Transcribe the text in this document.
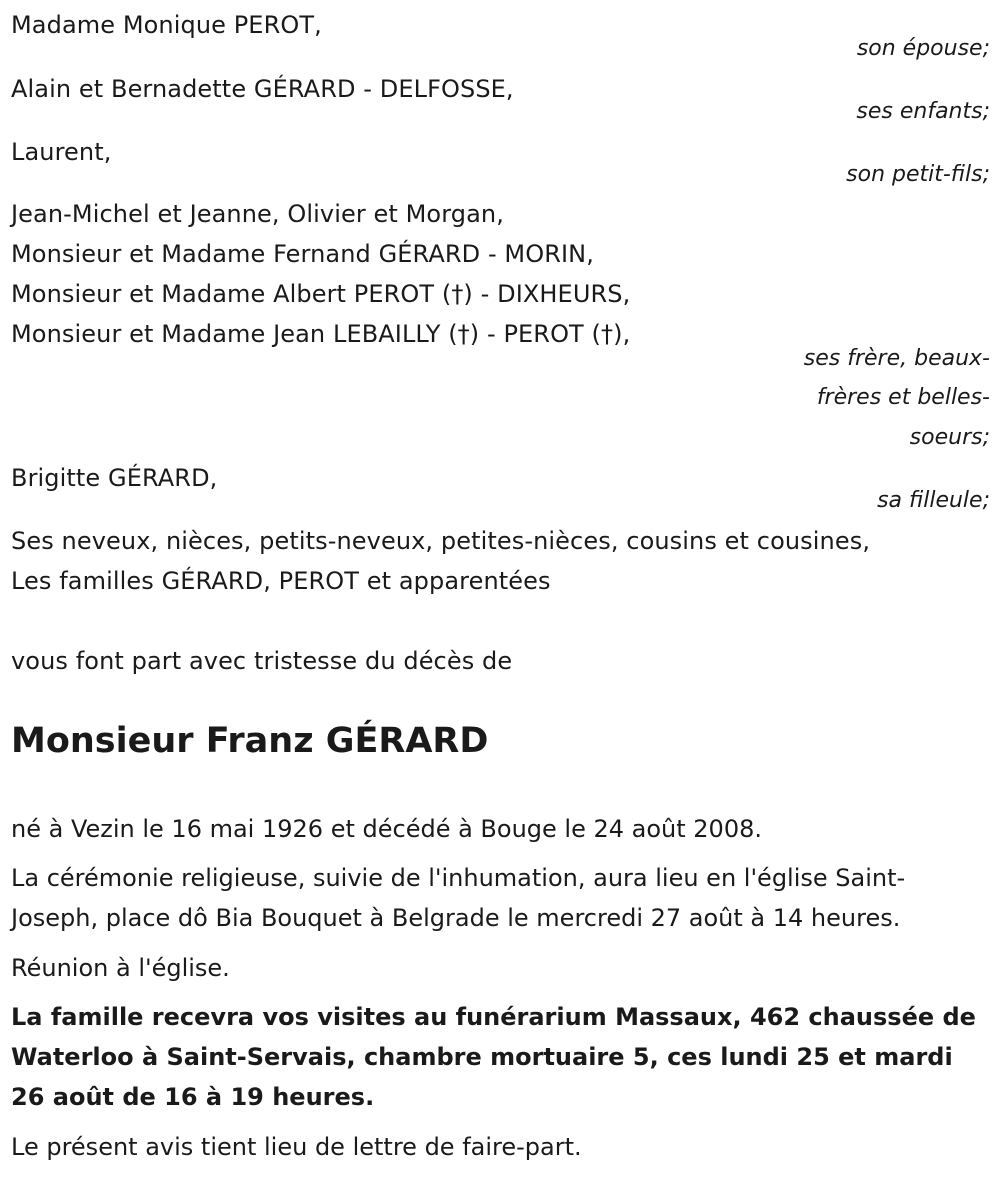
Madame Monique PEROT,
son épouse;
Alain et Bernadette GÉRARD - DELFOSSE,
ses enfants;
Laurent,
son petit-fils;
Jean-Michel et Jeanne, Olivier et Morgan,
Monsieur et Madame Fernand GÉRARD - MORIN,
Monsieur et Madame Albert PEROT (†) - DIXHEURS,
Monsieur et Madame Jean LEBAILLY (†) - PEROT (†),
ses frère, beaux-
frères et belles-
soeurs;
Brigitte GÉRARD,
sa filleule;
Ses neveux, nièces, petits-neveux, petites-nièces, cousins et cousines,
Les familles GÉRARD, PEROT et apparentées
vous font part avec tristesse du décès de
Monsieur Franz GÉRARD
né à Vezin le 16 mai 1926 et décédé à Bouge le 24 août 2008.
La cérémonie religieuse, suivie de l'inhumation, aura lieu en l'église Saint-Joseph, place dô Bia Bouquet à Belgrade le mercredi 27 août à 14 heures.
Réunion à l'église.
La famille recevra vos visites au funérarium Massaux, 462 chaussée de Waterloo à Saint-Servais, chambre mortuaire 5, ces lundi 25 et mardi 26 août de 16 à 19 heures.
Le présent avis tient lieu de lettre de faire-part.
